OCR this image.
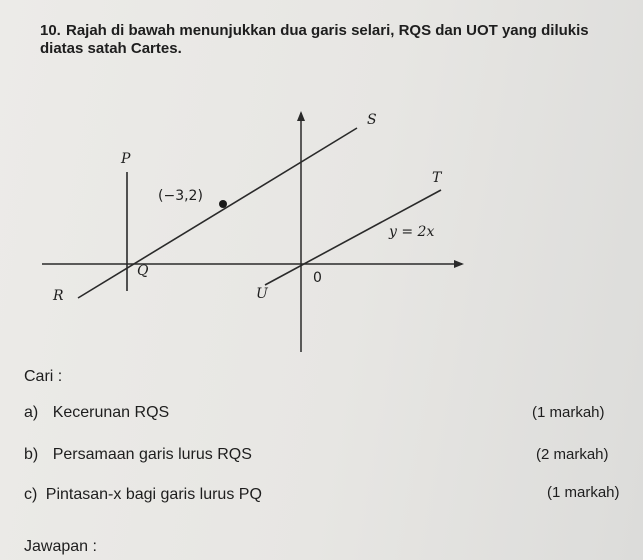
10. Rajah di bawah menunjukkan dua garis selari, RQS dan UOT yang dilukis
diatas satah Cartes.
S
P
T
Q	0
R	U
(−3,2)
y = 2x
Cari :
a) Kecerunan RQS	(1 markah)
b) Persamaan garis lurus RQS	(2 markah)
c) Pintasan-x bagi garis lurus PQ	(1 markah)
Jawapan :
